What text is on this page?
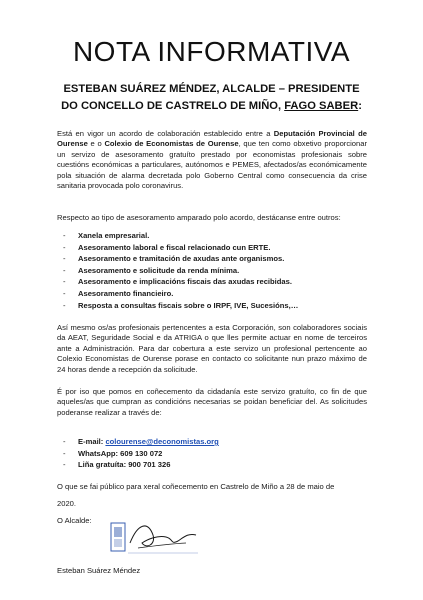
NOTA INFORMATIVA
ESTEBAN SUÁREZ MÉNDEZ, ALCALDE – PRESIDENTE
DO CONCELLO DE CASTRELO DE MIÑO, FAGO SABER:
Está en vigor un acordo de colaboración establecido entre a Deputación Provincial de Ourense e o Colexio de Economistas de Ourense, que ten como obxetivo proporcionar un servizo de asesoramento gratuíto prestado por economistas profesionais sobre cuestións económicas a particulares, autónomos e PEMES, afectados/as económicamente pola situación de alarma decretada polo Goberno Central como consecuencia da crise sanitaria provocada polo coronavirus.
Respecto ao tipo de asesoramento amparado polo acordo, destácanse entre outros:
-	Xanela empresarial.
-	Asesoramento laboral e fiscal relacionado cun ERTE.
-	Asesoramento e tramitación de axudas ante organismos.
-	Asesoramento e solicitude da renda mínima.
-	Asesoramento e implicacións fiscais das axudas recibidas.
-	Asesoramento financieiro.
-	Resposta a consultas fiscais sobre o IRPF, IVE, Sucesións,…
Así mesmo os/as profesionais pertencentes a esta Corporación, son colaboradores sociais da AEAT, Seguridade Social e da ATRIGA o que lles permite actuar en nome de terceiros ante a Administración. Para dar cobertura a este servizo un profesional pertencente ao Colexio Economistas de Ourense porase en contacto co solicitante nun prazo máximo de 24 horas dende a recepción da solicitude.
É por iso que pomos en coñecemento da cidadanía este servizo gratuíto, co fin de que aqueles/as que cumpran as condicións necesarias se poidan beneficiar del. As solicitudes poderanse realizar a través de:
-	E-mail: colourense@deconomistas.org
-	WhatsApp: 609 130 072
-	Liña gratuíta: 900 701 326
O que se fai público para xeral coñecemento en Castrelo de Miño a 28 de maio de
2020.
O Alcalde:
Esteban Suárez Méndez
